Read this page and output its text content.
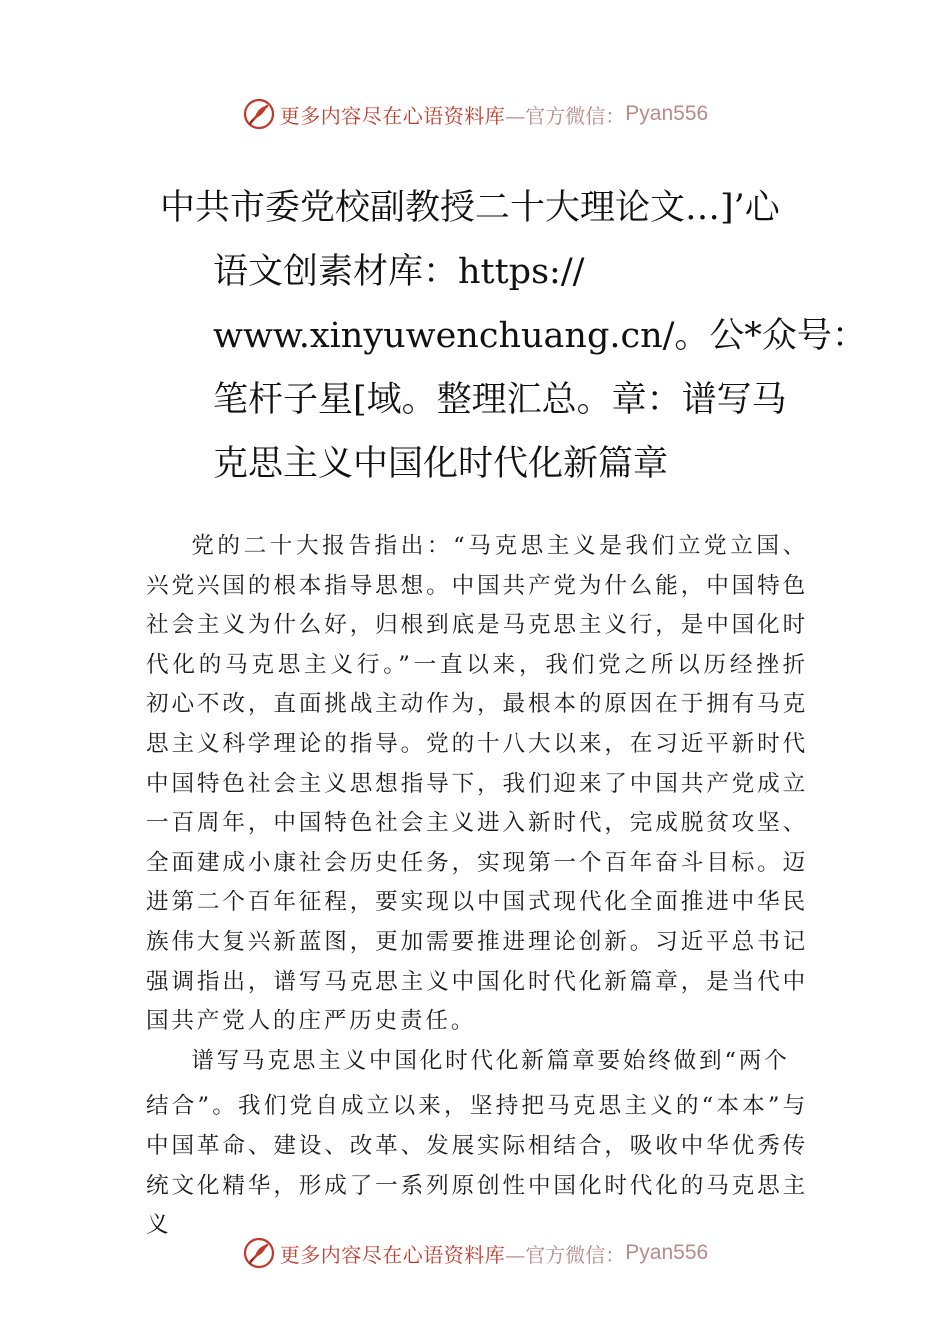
更多内容尽在心语资料库 —官方微信： Pyan556
中共市委党校副教授二十大理论文…]’心
语文创素材库：https://
www.xinyuwenchuang.cn/。公*众号：
笔杆子星[域。整理汇总。章：谱写马
克思主义中国化时代化新篇章

党的二十大报告指出：“马克思主义是我们立党立国、兴党兴国的根本指导思想。中国共产党为什么能，中国特色社会主义为什么好，归根到底是马克思主义行，是中国化时代化的马克思主义行。”一直以来，我们党之所以历经挫折初心不改，直面挑战主动作为，最根本的原因在于拥有马克思主义科学理论的指导。党的十八大以来，在习近平新时代中国特色社会主义思想指导下，我们迎来了中国共产党成立一百周年，中国特色社会主义进入新时代，完成脱贫攻坚、全面建成小康社会历史任务，实现第一个百年奋斗目标。迈进第二个百年征程，要实现以中国式现代化全面推进中华民族伟大复兴新蓝图，更加需要推进理论创新。习近平总书记强调指出，谱写马克思主义中国化时代化新篇章，是当代中国共产党人的庄严历史责任。

谱写马克思主义中国化时代化新篇章要始终做到“两个
结合”。我们党自成立以来，坚持把马克思主义的“本本”与 中国革命、建设、改革、发展实际相结合，吸收中华优秀传统文化精华，形成了一系列原创性中国化时代化的马克思主义

更多内容尽在心语资料库 —官方微信： Pyan556
